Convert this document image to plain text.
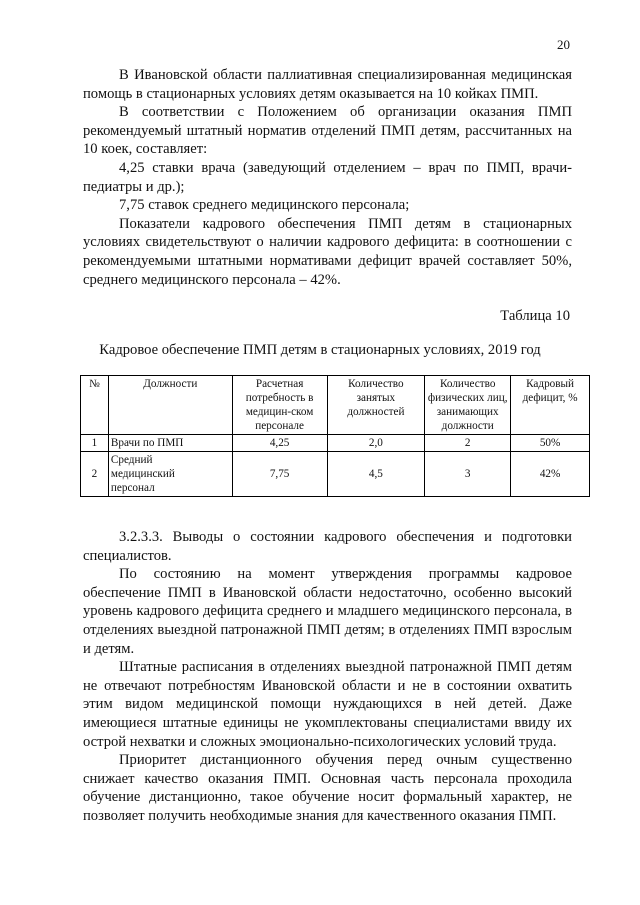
20

В Ивановской области паллиативная специализированная медицинская помощь в стационарных условиях детям оказывается на 10 койках ПМП.

В соответствии с Положением об организации оказания ПМП рекомендуемый штатный норматив отделений ПМП детям, рассчитанных на 10 коек, составляет:

4,25 ставки врача (заведующий отделением – врач по ПМП, врачи-педиатры и др.);

7,75 ставок среднего медицинского персонала;

Показатели кадрового обеспечения ПМП детям в стационарных условиях свидетельствуют о наличии кадрового дефицита: в соотношении с рекомендуемыми штатными нормативами дефицит врачей составляет 50%, среднего медицинского персонала – 42%.

Таблица 10
Кадровое обеспечение ПМП детям в стационарных условиях, 2019 год
№	Должности	Расчетная потребность в медицин-ском персонале	Количество занятых должностей	Количество физических лиц, занимающих должности	Кадровый дефицит, %
1	Врачи по ПМП	4,25	2,0	2	50%
2	Средний медицинский персонал	7,75	4,5	3	42%

3.2.3.3. Выводы о состоянии кадрового обеспечения и подготовки специалистов.

По состоянию на момент утверждения программы кадровое обеспечение ПМП в Ивановской области недостаточно, особенно высокий уровень кадрового дефицита среднего и младшего медицинского персонала, в отделениях выездной патронажной ПМП детям; в отделениях ПМП взрослым и детям.

Штатные расписания в отделениях выездной патронажной ПМП детям не отвечают потребностям Ивановской области и не в состоянии охватить этим видом медицинской помощи нуждающихся в ней детей. Даже имеющиеся штатные единицы не укомплектованы специалистами ввиду их острой нехватки и сложных эмоционально-психологических условий труда.

Приоритет дистанционного обучения перед очным существенно снижает качество оказания ПМП. Основная часть персонала проходила обучение дистанционно, такое обучение носит формальный характер, не позволяет получить необходимые знания для качественного оказания ПМП.
